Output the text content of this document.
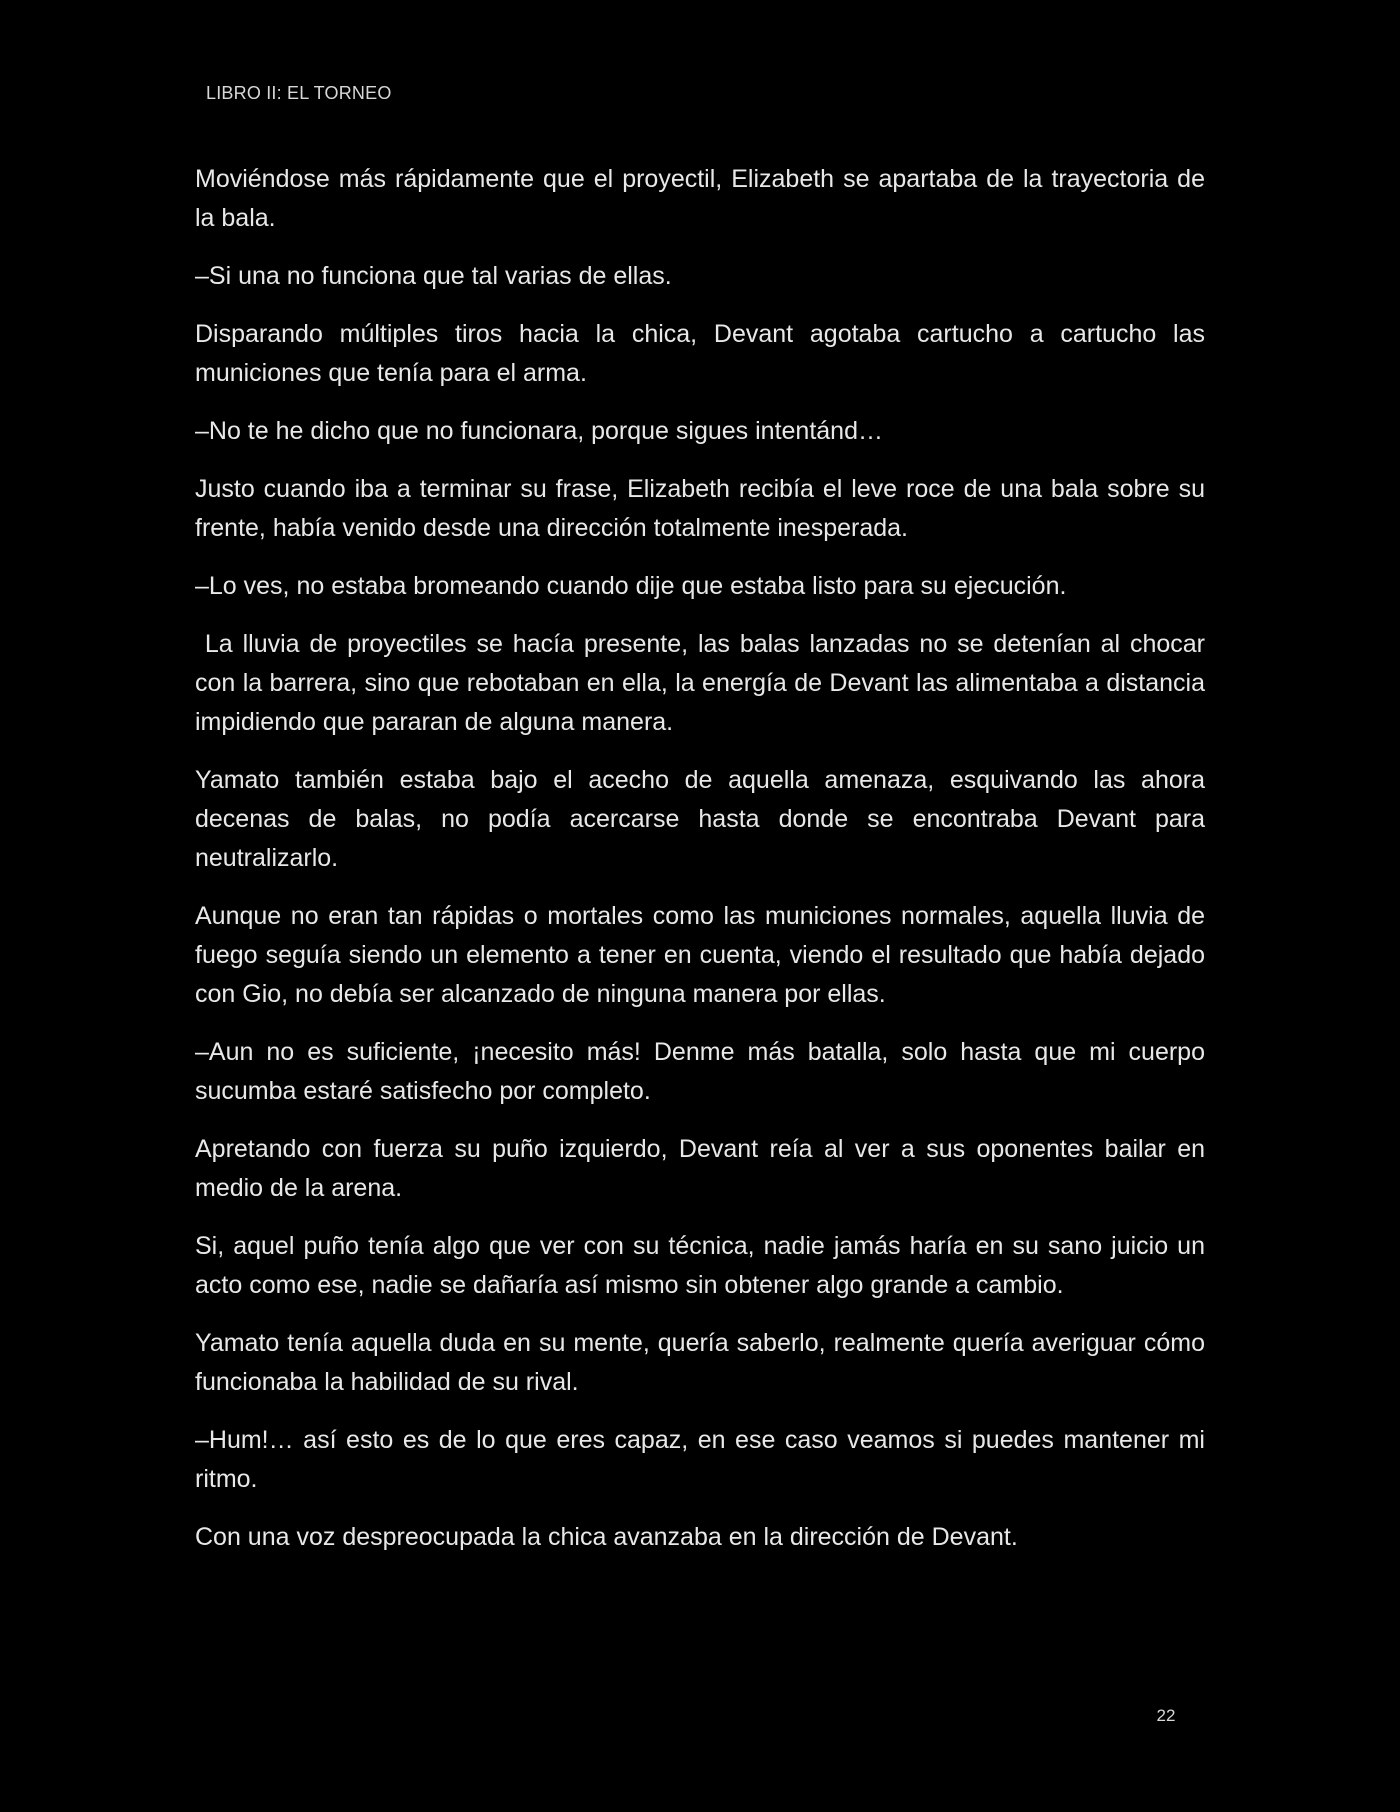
LIBRO II: EL TORNEO

Moviéndose más rápidamente que el proyectil, Elizabeth se apartaba de la trayectoria de la bala.

–Si una no funciona que tal varias de ellas.

Disparando múltiples tiros hacia la chica, Devant agotaba cartucho a cartucho las municiones que tenía para el arma.

–No te he dicho que no funcionara, porque sigues intentánd…

Justo cuando iba a terminar su frase, Elizabeth recibía el leve roce de una bala sobre su frente, había venido desde una dirección totalmente inesperada.

–Lo ves, no estaba bromeando cuando dije que estaba listo para su ejecución.

La lluvia de proyectiles se hacía presente, las balas lanzadas no se detenían al chocar con la barrera, sino que rebotaban en ella, la energía de Devant las alimentaba a distancia impidiendo que pararan de alguna manera.

Yamato también estaba bajo el acecho de aquella amenaza, esquivando las ahora decenas de balas, no podía acercarse hasta donde se encontraba Devant para neutralizarlo.

Aunque no eran tan rápidas o mortales como las municiones normales, aquella lluvia de fuego seguía siendo un elemento a tener en cuenta, viendo el resultado que había dejado con Gio, no debía ser alcanzado de ninguna manera por ellas.

–Aun no es suficiente, ¡necesito más! Denme más batalla, solo hasta que mi cuerpo sucumba estaré satisfecho por completo.

Apretando con fuerza su puño izquierdo, Devant reía al ver a sus oponentes bailar en medio de la arena.

Si, aquel puño tenía algo que ver con su técnica, nadie jamás haría en su sano juicio un acto como ese, nadie se dañaría así mismo sin obtener algo grande a cambio.

Yamato tenía aquella duda en su mente, quería saberlo, realmente quería averiguar cómo funcionaba la habilidad de su rival.

–Hum!… así esto es de lo que eres capaz, en ese caso veamos si puedes mantener mi ritmo.

Con una voz despreocupada la chica avanzaba en la dirección de Devant.

22
